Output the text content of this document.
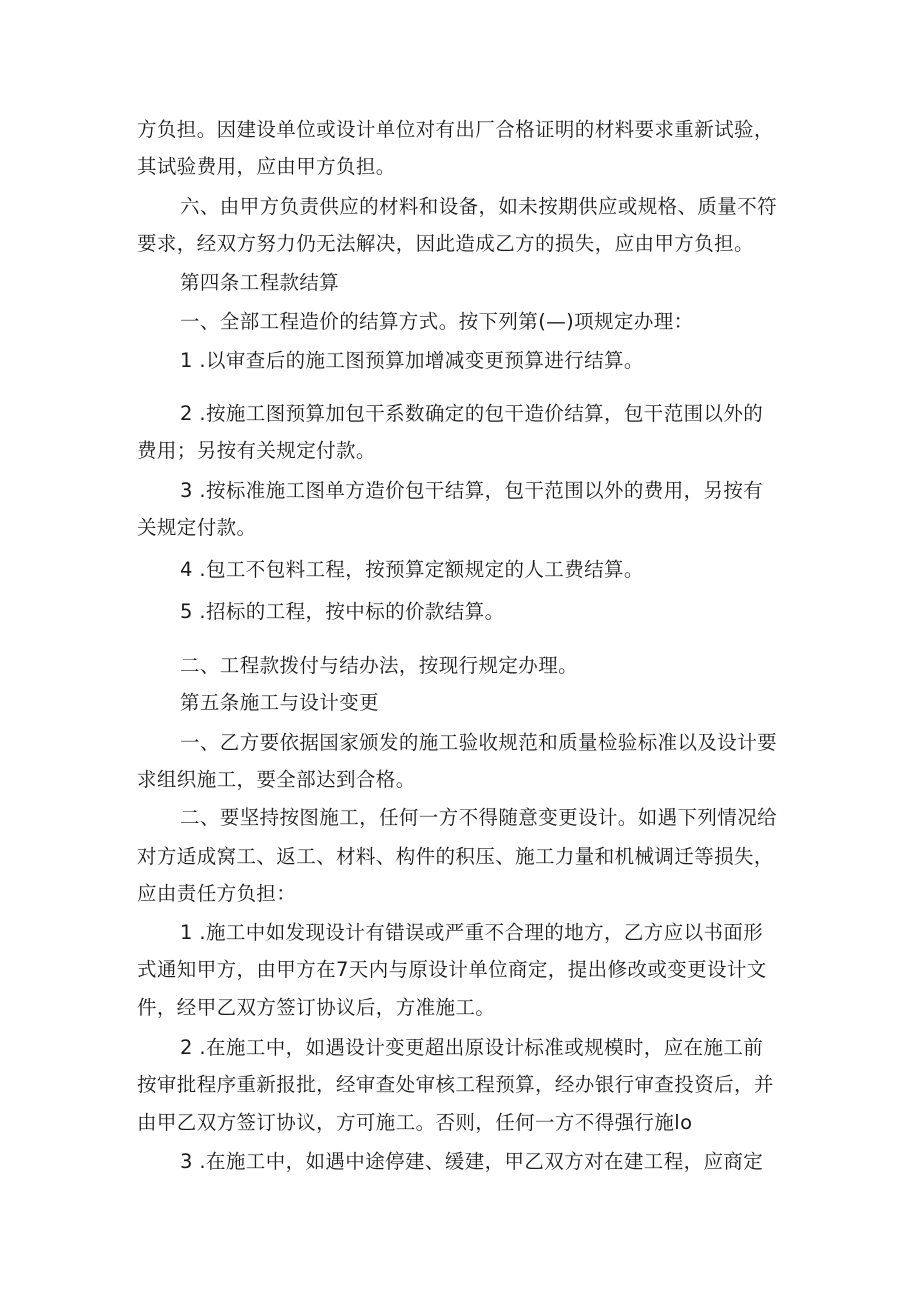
方负担。因建设单位或设计单位对有出厂合格证明的材料要求重新试验，

其试验费用，应由甲方负担。

六、由甲方负责供应的材料和设备，如未按期供应或规格、质量不符

要求，经双方努力仍无法解决，因此造成乙方的损失，应由甲方负担。

第四条工程款结算

一、全部工程造价的结算方式。按下列第(—)项规定办理：

1 .以审查后的施工图预算加增减变更预算进行结算。

2 .按施工图预算加包干系数确定的包干造价结算，包干范围以外的

费用；另按有关规定付款。

3 .按标准施工图单方造价包干结算，包干范围以外的费用，另按有

关规定付款。

4 .包工不包料工程，按预算定额规定的人工费结算。

5 .招标的工程，按中标的价款结算。

二、工程款拨付与结办法，按现行规定办理。

第五条施工与设计变更

一、乙方要依据国家颁发的施工验收规范和质量检验标准以及设计要

求组织施工，要全部达到合格。

二、要坚持按图施工，任何一方不得随意变更设计。如遇下列情况给

对方适成窝工、返工、材料、构件的积压、施工力量和机械调迁等损失，

应由责任方负担：

1 .施工中如发现设计有错误或严重不合理的地方，乙方应以书面形

式通知甲方，由甲方在7天内与原设计单位商定，提出修改或变更设计文

件，经甲乙双方签订协议后，方准施工。

2 .在施工中，如遇设计变更超出原设计标准或规模时，应在施工前

按审批程序重新报批，经审查处审核工程预算，经办银行审查投资后，并

由甲乙双方签订协议，方可施工。否则，任何一方不得强行施lo

3 .在施工中，如遇中途停建、缓建，甲乙双方对在建工程，应商定
